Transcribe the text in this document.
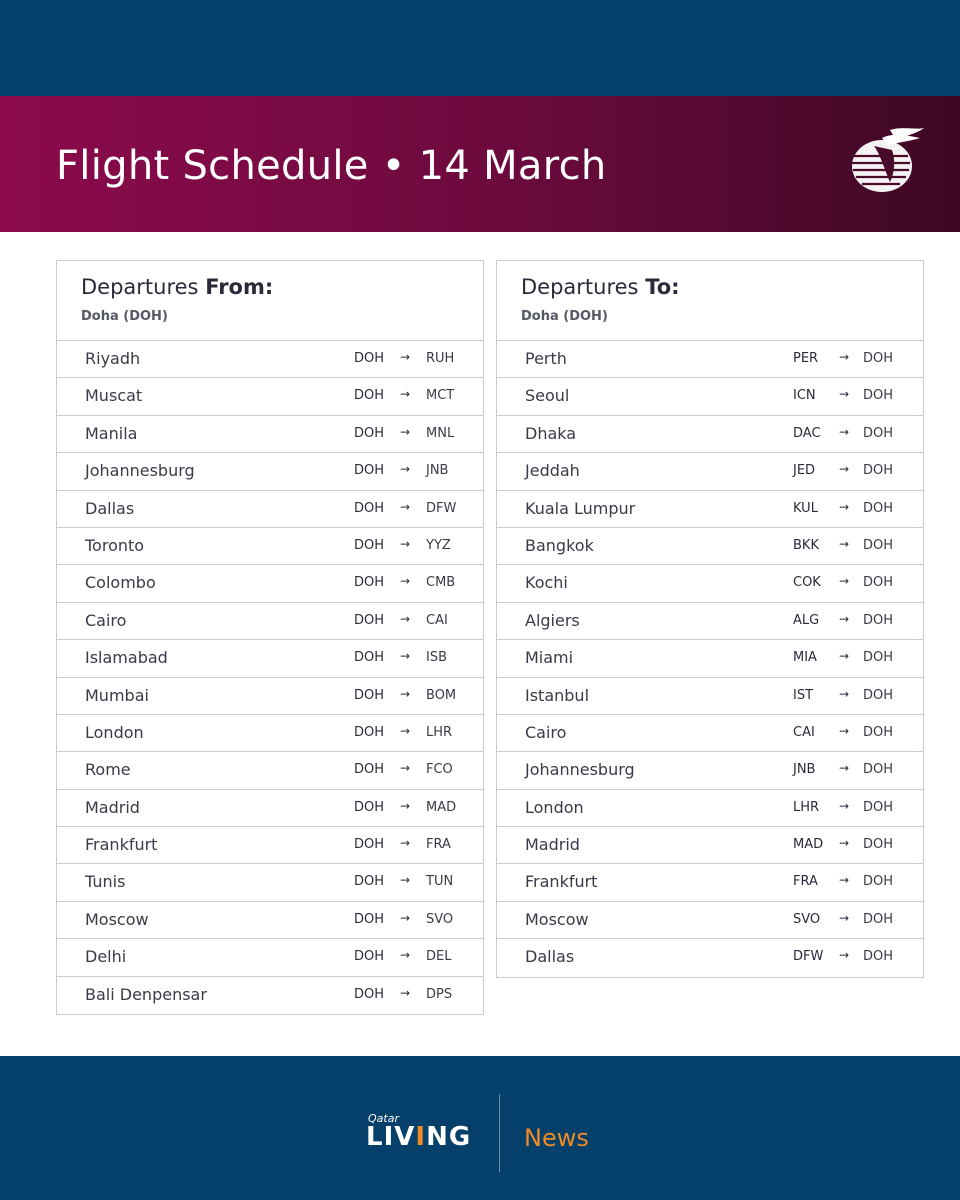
Flight Schedule • 14 March
Departures From:
Doha (DOH)
Riyadh	DOH → RUH
Muscat	DOH → MCT
Manila	DOH → MNL
Johannesburg	DOH → JNB
Dallas	DOH → DFW
Toronto	DOH → YYZ
Colombo	DOH → CMB
Cairo	DOH → CAI
Islamabad	DOH → ISB
Mumbai	DOH → BOM
London	DOH → LHR
Rome	DOH → FCO
Madrid	DOH → MAD
Frankfurt	DOH → FRA
Tunis	DOH → TUN
Moscow	DOH → SVO
Delhi	DOH → DEL
Bali Denpensar	DOH → DPS
Departures To:
Doha (DOH)
Perth	PER → DOH
Seoul	ICN → DOH
Dhaka	DAC → DOH
Jeddah	JED → DOH
Kuala Lumpur	KUL → DOH
Bangkok	BKK → DOH
Kochi	COK → DOH
Algiers	ALG → DOH
Miami	MIA → DOH
Istanbul	IST → DOH
Cairo	CAI → DOH
Johannesburg	JNB → DOH
London	LHR → DOH
Madrid	MAD → DOH
Frankfurt	FRA → DOH
Moscow	SVO → DOH
Dallas	DFW → DOH
Qatar
LIVING News
